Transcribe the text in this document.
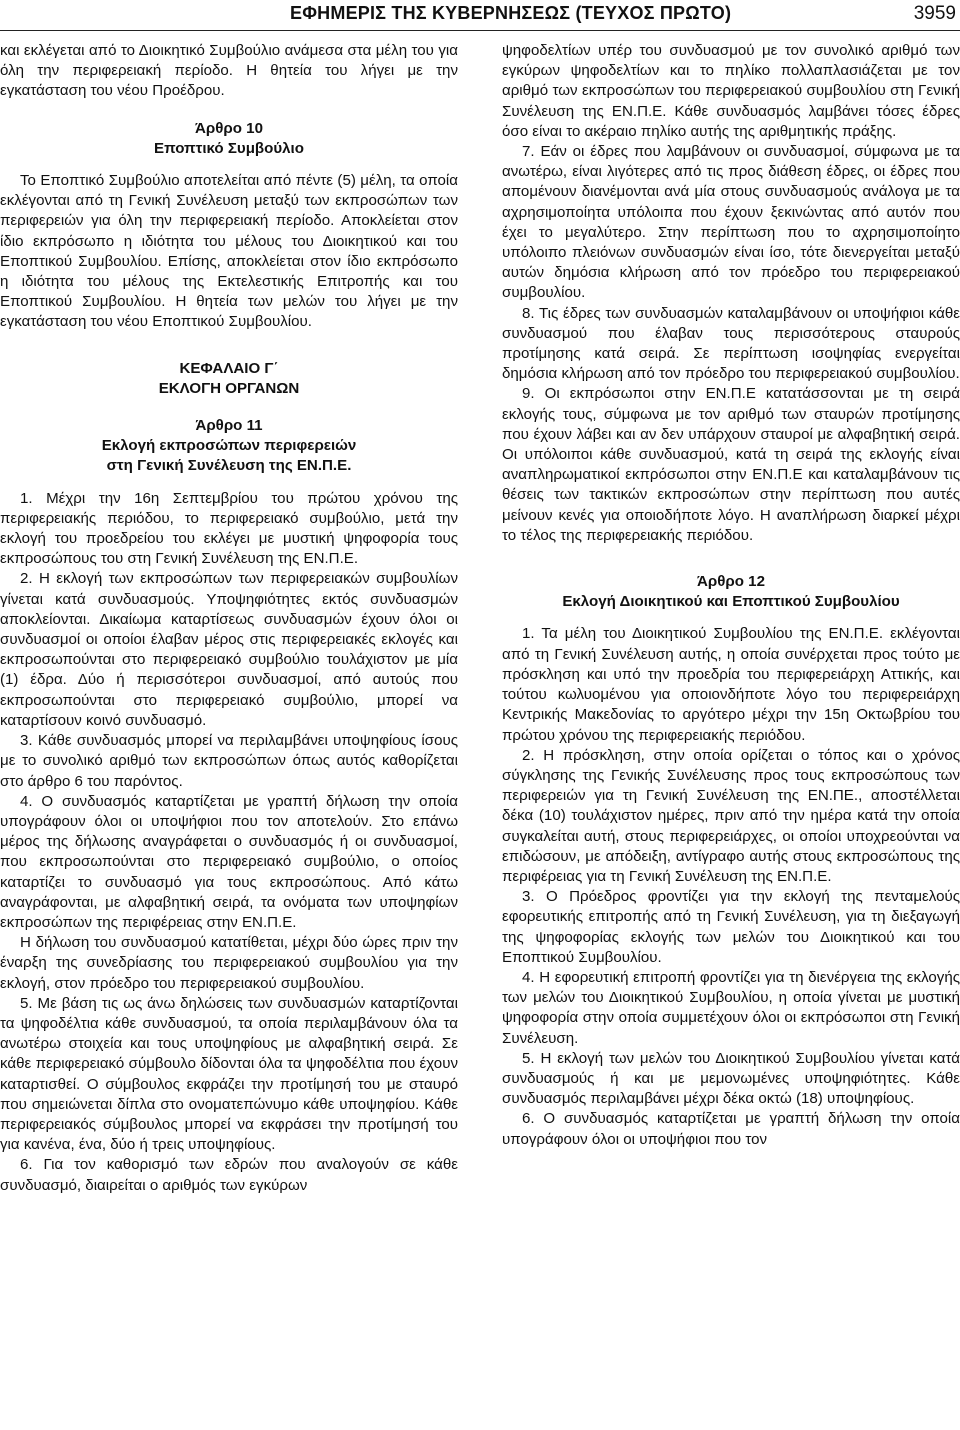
ΕΦΗΜΕΡΙΣ ΤΗΣ ΚΥΒΕΡΝΗΣΕΩΣ (ΤΕΥΧΟΣ ΠΡΩΤΟ)	3959

και εκλέγεται από το Διοικητικό Συμβούλιο ανάμεσα στα μέλη του για όλη την περιφερειακή περίοδο. Η θητεία του λήγει με την εγκατάσταση του νέου Προέδρου.

Άρθρο 10

Εποπτικό Συμβούλιο

Το Εποπτικό Συμβούλιο αποτελείται από πέντε (5) μέλη, τα οποία εκλέγονται από τη Γενική Συνέλευση μεταξύ των εκπροσώπων των περιφερειών για όλη την περιφερειακή περίοδο. Αποκλείεται στον ίδιο εκπρόσωπο η ιδιότητα του μέλους του Διοικητικού και του Εποπτικού Συμβουλίου. Επίσης, αποκλείεται στον ίδιο εκπρόσωπο η ιδιότητα του μέλους της Εκτελεστικής Επιτροπής και του Εποπτικού Συμβουλίου. Η θητεία των μελών του λήγει με την εγκατάσταση του νέου Εποπτικού Συμβουλίου.

ΚΕΦΑΛΑΙΟ Γ΄

ΕΚΛΟΓΗ ΟΡΓΑΝΩΝ

Άρθρο 11

Εκλογή εκπροσώπων περιφερειών

στη Γενική Συνέλευση της ΕΝ.Π.Ε.

1. Μέχρι την 16η Σεπτεμβρίου του πρώτου χρόνου της περιφερειακής περιόδου, το περιφερειακό συμβούλιο, μετά την εκλογή του προεδρείου του εκλέγει με μυστική ψηφοφορία τους εκπροσώπους του στη Γενική Συνέλευση της ΕΝ.Π.Ε.

2. Η εκλογή των εκπροσώπων των περιφερειακών συμβουλίων γίνεται κατά συνδυασμούς. Υποψηφιότητες εκτός συνδυασμών αποκλείονται. Δικαίωμα καταρτίσεως συνδυασμών έχουν όλοι οι συνδυασμοί οι οποίοι έλαβαν μέρος στις περιφερειακές εκλογές και εκπροσωπούνται στο περιφερειακό συμβούλιο τουλάχιστον με μία (1) έδρα. Δύο ή περισσότεροι συνδυασμοί, από αυτούς που εκπροσωπούνται στο περιφερειακό συμβούλιο, μπορεί να καταρτίσουν κοινό συνδυασμό.

3. Κάθε συνδυασμός μπορεί να περιλαμβάνει υποψηφίους ίσους με το συνολικό αριθμό των εκπροσώπων όπως αυτός καθορίζεται στο άρθρο 6 του παρόντος.

4. Ο συνδυασμός καταρτίζεται με γραπτή δήλωση την οποία υπογράφουν όλοι οι υποψήφιοι που τον αποτελούν. Στο επάνω μέρος της δήλωσης αναγράφεται ο συνδυασμός ή οι συνδυασμοί, που εκπροσωπούνται στο περιφερειακό συμβούλιο, ο οποίος καταρτίζει το συνδυασμό για τους εκπροσώπους. Από κάτω αναγράφονται, με αλφαβητική σειρά, τα ονόματα των υποψηφίων εκπροσώπων της περιφέρειας στην ΕΝ.Π.Ε.

Η δήλωση του συνδυασμού κατατίθεται, μέχρι δύο ώρες πριν την έναρξη της συνεδρίασης του περιφερειακού συμβουλίου για την εκλογή, στον πρόεδρο του περιφερειακού συμβουλίου.

5. Με βάση τις ως άνω δηλώσεις των συνδυασμών καταρτίζονται τα ψηφοδέλτια κάθε συνδυασμού, τα οποία περιλαμβάνουν όλα τα ανωτέρω στοιχεία και τους υποψηφίους με αλφαβητική σειρά. Σε κάθε περιφερειακό σύμβουλο δίδονται όλα τα ψηφοδέλτια που έχουν καταρτισθεί. Ο σύμβουλος εκφράζει την προτίμησή του με σταυρό που σημειώνεται δίπλα στο ονοματεπώνυμο κάθε υποψηφίου. Κάθε περιφερειακός σύμβουλος μπορεί να εκφράσει την προτίμησή του για κανένα, ένα, δύο ή τρεις υποψηφίους.

6. Για τον καθορισμό των εδρών που αναλογούν σε κάθε συνδυασμό, διαιρείται ο αριθμός των εγκύρων

ψηφοδελτίων υπέρ του συνδυασμού με τον συνολικό αριθμό των εγκύρων ψηφοδελτίων και το πηλίκο πολλαπλασιάζεται με τον αριθμό των εκπροσώπων του περιφερειακού συμβουλίου στη Γενική Συνέλευση της ΕΝ.Π.Ε. Κάθε συνδυασμός λαμβάνει τόσες έδρες όσο είναι το ακέραιο πηλίκο αυτής της αριθμητικής πράξης.

7. Εάν οι έδρες που λαμβάνουν οι συνδυασμοί, σύμφωνα με τα ανωτέρω, είναι λιγότερες από τις προς διάθεση έδρες, οι έδρες που απομένουν διανέμονται ανά μία στους συνδυασμούς ανάλογα με τα αχρησιμοποίητα υπόλοιπα που έχουν ξεκινώντας από αυτόν που έχει το μεγαλύτερο. Στην περίπτωση που το αχρησιμοποίητο υπόλοιπο πλειόνων συνδυασμών είναι ίσο, τότε διενεργείται μεταξύ αυτών δημόσια κλήρωση από τον πρόεδρο του περιφερειακού συμβουλίου.

8. Τις έδρες των συνδυασμών καταλαμβάνουν οι υποψήφιοι κάθε συνδυασμού που έλαβαν τους περισσότερους σταυρούς προτίμησης κατά σειρά. Σε περίπτωση ισοψηφίας ενεργείται δημόσια κλήρωση από τον πρόεδρο του περιφερειακού συμβουλίου.

9. Οι εκπρόσωποι στην ΕΝ.Π.Ε κατατάσσονται με τη σειρά εκλογής τους, σύμφωνα με τον αριθμό των σταυρών προτίμησης που έχουν λάβει και αν δεν υπάρχουν σταυροί με αλφαβητική σειρά. Οι υπόλοιποι κάθε συνδυασμού, κατά τη σειρά της εκλογής είναι αναπληρωματικοί εκπρόσωποι στην ΕΝ.Π.Ε και καταλαμβάνουν τις θέσεις των τακτικών εκπροσώπων στην περίπτωση που αυτές μείνουν κενές για οποιοδήποτε λόγο. Η αναπλήρωση διαρκεί μέχρι το τέλος της περιφερειακής περιόδου.

Άρθρο 12

Εκλογή Διοικητικού και Εποπτικού Συμβουλίου

1. Τα μέλη του Διοικητικού Συμβουλίου της ΕΝ.Π.Ε. εκλέγονται από τη Γενική Συνέλευση αυτής, η οποία συνέρχεται προς τούτο με πρόσκληση και υπό την προεδρία του περιφερειάρχη Αττικής, και τούτου κωλυομένου για οποιονδήποτε λόγο του περιφερειάρχη Κεντρικής Μακεδονίας το αργότερο μέχρι την 15η Οκτωβρίου του πρώτου χρόνου της περιφερειακής περιόδου.

2. Η πρόσκληση, στην οποία ορίζεται ο τόπος και ο χρόνος σύγκλησης της Γενικής Συνέλευσης προς τους εκπροσώπους των περιφερειών για τη Γενική Συνέλευση της ΕΝ.ΠΕ., αποστέλλεται δέκα (10) τουλάχιστον ημέρες, πριν από την ημέρα κατά την οποία συγκαλείται αυτή, στους περιφερειάρχες, οι οποίοι υποχρεούνται να επιδώσουν, με απόδειξη, αντίγραφο αυτής στους εκπροσώπους της περιφέρειας για τη Γενική Συνέλευση της ΕΝ.Π.Ε.

3. Ο Πρόεδρος φροντίζει για την εκλογή της πενταμελούς εφορευτικής επιτροπής από τη Γενική Συνέλευση, για τη διεξαγωγή της ψηφοφορίας εκλογής των μελών του Διοικητικού και του Εποπτικού Συμβουλίου.

4. Η εφορευτική επιτροπή φροντίζει για τη διενέργεια της εκλογής των μελών του Διοικητικού Συμβουλίου, η οποία γίνεται με μυστική ψηφοφορία στην οποία συμμετέχουν όλοι οι εκπρόσωποι στη Γενική Συνέλευση.

5. Η εκλογή των μελών του Διοικητικού Συμβουλίου γίνεται κατά συνδυασμούς ή και με μεμονωμένες υποψηφιότητες. Κάθε συνδυασμός περιλαμβάνει μέχρι δέκα οκτώ (18) υποψηφίους.

6. Ο συνδυασμός καταρτίζεται με γραπτή δήλωση την οποία υπογράφουν όλοι οι υποψήφιοι που τον
